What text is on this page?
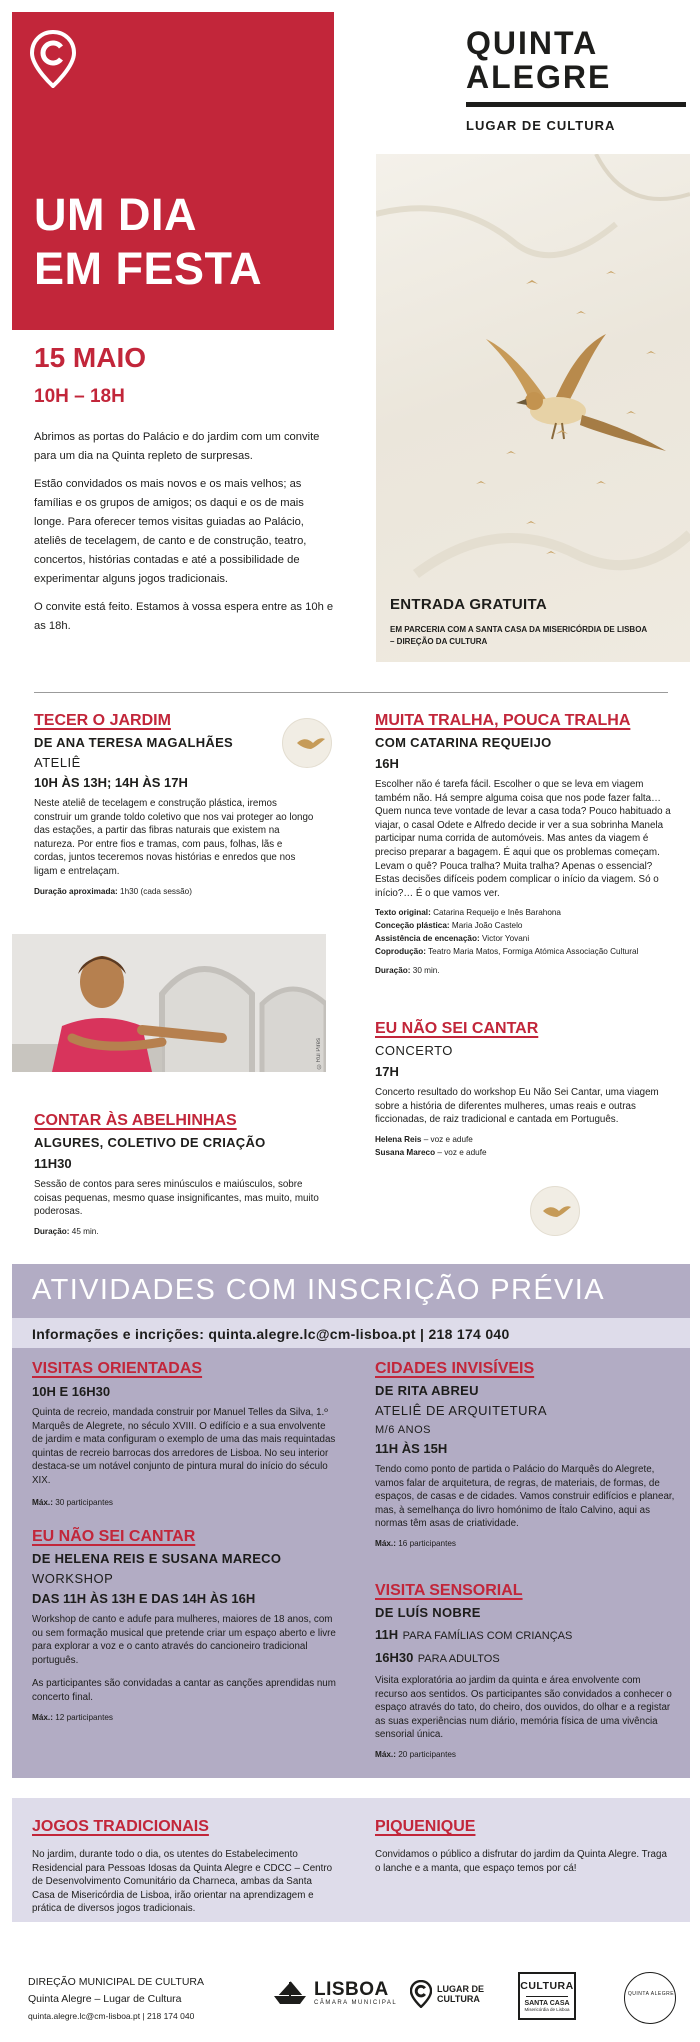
UM DIA
EM FESTA
QUINTA
ALEGRE
LUGAR DE CULTURA
15 MAIO
10H – 18H

Abrimos as portas do Palácio e do jardim com um convite para um dia na Quinta repleto de surpresas.

Estão convidados os mais novos e os mais velhos; as famílias e os grupos de amigos; os daqui e os de mais longe. Para oferecer temos visitas guiadas ao Palácio, ateliês de tecelagem, de canto e de construção, teatro, concertos, histórias contadas e até a possibilidade de experimentar alguns jogos tradicionais.

O convite está feito. Estamos à vossa espera entre as 10h e as 18h.

ENTRADA GRATUITA
EM PARCERIA COM A SANTA CASA DA MISERICÓRDIA DE LISBOA
– DIREÇÃO DA CULTURA
TECER O JARDIM
DE ANA TERESA MAGALHÃES
ATELIÊ
10H ÀS 13H; 14H ÀS 17H
Neste ateliê de tecelagem e construção plástica, iremos construir um grande toldo coletivo que nos vai proteger ao longo das estações, a partir das fibras naturais que existem na natureza. Por entre fios e tramas, com paus, folhas, lãs e cordas, juntos teceremos novas histórias e enredos que nos ligam e entrelaçam.
Duração aproximada: 1h30 (cada sessão)
©Rui Pires
CONTAR ÀS ABELHINHAS
ALGURES, COLETIVO DE CRIAÇÃO
11H30
Sessão de contos para seres minúsculos e maiúsculos, sobre coisas pequenas, mesmo quase insignificantes, mas muito, muito poderosas.
Duração: 45 min.
MUITA TRALHA, POUCA TRALHA
COM CATARINA REQUEIJO
16H
Escolher não é tarefa fácil. Escolher o que se leva em viagem também não. Há sempre alguma coisa que nos pode fazer falta… Quem nunca teve vontade de levar a casa toda? Pouco habituado a viajar, o casal Odete e Alfredo decide ir ver a sua sobrinha Manela participar numa corrida de automóveis. Mas antes da viagem é preciso preparar a bagagem. É aqui que os problemas começam. Levam o quê? Pouca tralha? Muita tralha? Apenas o essencial? Estas decisões difíceis podem complicar o início da viagem. Só o início?… É o que vamos ver.
Texto original: Catarina Requeijo e Inês Barahona
Conceção plástica: Maria João Castelo
Assistência de encenação: Victor Yovani
Coprodução: Teatro Maria Matos, Formiga Atómica Associação Cultural
Duração: 30 min.
EU NÃO SEI CANTAR
CONCERTO
17H
Concerto resultado do workshop Eu Não Sei Cantar, uma viagem sobre a história de diferentes mulheres, umas reais e outras ficcionadas, de raiz tradicional e cantada em Português.
Helena Reis – voz e adufe
Susana Mareco – voz e adufe
ATIVIDADES COM INSCRIÇÃO PRÉVIA
Informações e incrições: quinta.alegre.lc@cm-lisboa.pt | 218 174 040
VISITAS ORIENTADAS
10H E 16H30
Quinta de recreio, mandada construir por Manuel Telles da Silva, 1.º Marquês de Alegrete, no século XVIII. O edifício e a sua envolvente de jardim e mata configuram o exemplo de uma das mais requintadas quintas de recreio barrocas dos arredores de Lisboa. No seu interior destaca-se um notável conjunto de pintura mural do início do século XIX.
Máx.: 30 participantes
EU NÃO SEI CANTAR
DE HELENA REIS E SUSANA MARECO
WORKSHOP
DAS 11H ÀS 13H E DAS 14H ÀS 16H
Workshop de canto e adufe para mulheres, maiores de 18 anos, com ou sem formação musical que pretende criar um espaço aberto e livre para explorar a voz e o canto através do cancioneiro tradicional português.
As participantes são convidadas a cantar as canções aprendidas num concerto final.
Máx.: 12 participantes
CIDADES INVISÍVEIS
DE RITA ABREU
ATELIÊ DE ARQUITETURA
M/6 ANOS
11H ÀS 15H
Tendo como ponto de partida o Palácio do Marquês do Alegrete, vamos falar de arquitetura, de regras, de materiais, de formas, de espaços, de casas e de cidades. Vamos construir edifícios e planear, mas, à semelhança do livro homónimo de Ítalo Calvino, aqui as normas têm asas de criatividade.
Máx.: 16 participantes
VISITA SENSORIAL
DE LUÍS NOBRE
11H PARA FAMÍLIAS COM CRIANÇAS
16H30 PARA ADULTOS
Visita exploratória ao jardim da quinta e área envolvente com recurso aos sentidos. Os participantes são convidados a conhecer o espaço através do tato, do cheiro, dos ouvidos, do olhar e a registar as suas experiências num diário, memória física de uma vivência sensorial única.
Máx.: 20 participantes
JOGOS TRADICIONAIS
No jardim, durante todo o dia, os utentes do Estabelecimento Residencial para Pessoas Idosas da Quinta Alegre e CDCC – Centro de Desenvolvimento Comunitário da Charneca, ambas da Santa Casa de Misericórdia de Lisboa, irão orientar na aprendizagem e prática de diversos jogos tradicionais.
PIQUENIQUE
Convidamos o público a disfrutar do jardim da Quinta Alegre. Traga o lanche e a manta, que espaço temos por cá!
DIREÇÃO MUNICIPAL DE CULTURA
Quinta Alegre – Lugar de Cultura
quinta.alegre.lc@cm-lisboa.pt | 218 174 040
LISBOA
CÂMARA MUNICIPAL
LUGAR DE
CULTURA
CULTURA
SANTA CASA
Misericórdia de Lisboa
QUINTA ALEGRE
